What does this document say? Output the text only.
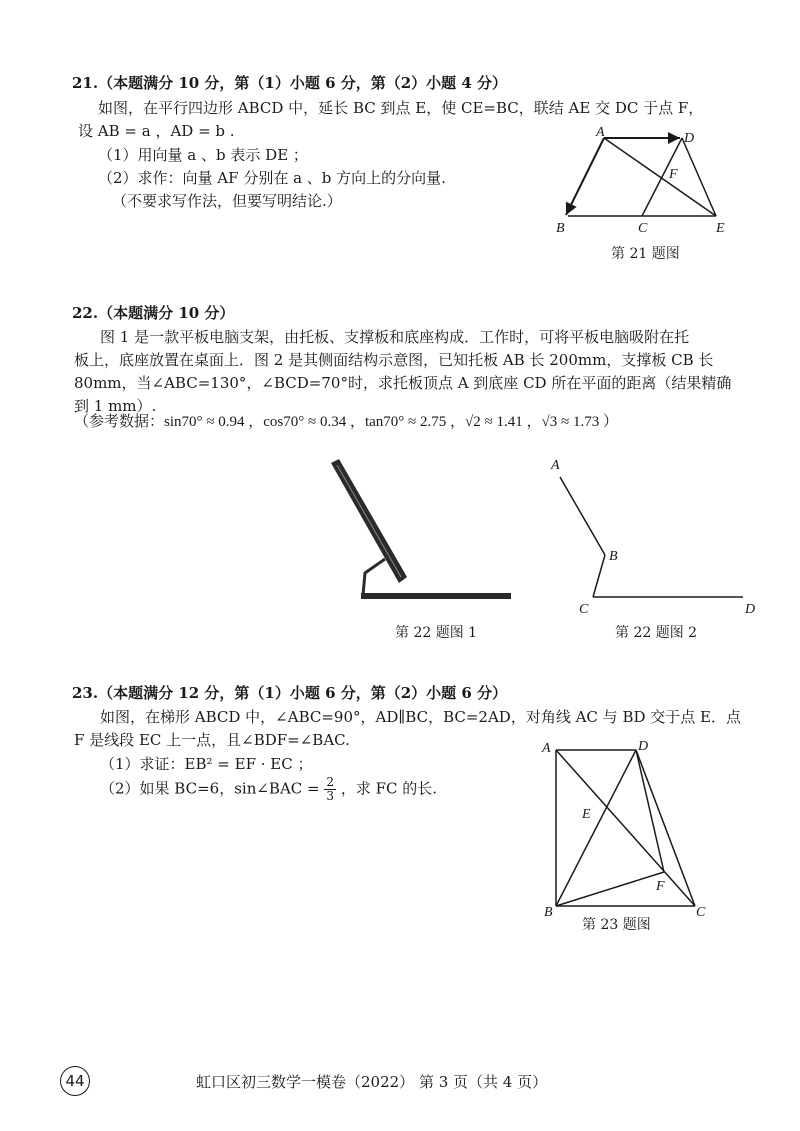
21.（本题满分 10 分，第（1）小题 6 分，第（2）小题 4 分）
如图，在平行四边形 ABCD 中，延长 BC 到点 E，使 CE=BC，联结 AE 交 DC 于点 F，
设 AB = a ，AD = b .
（1）用向量 a 、b 表示 DE ；
（2）求作：向量 AF 分别在 a 、b 方向上的分向量.
（不要求写作法，但要写明结论.）
A	D
F
B	C	E
第 21 题图
22.（本题满分 10 分）
图 1 是一款平板电脑支架，由托板、支撑板和底座构成．工作时，可将平板电脑吸附在托
板上，底座放置在桌面上．图 2 是其侧面结构示意图，已知托板 AB 长 200mm，支撑板 CB 长
80mm，当∠ABC=130°，∠BCD=70°时，求托板顶点 A 到底座 CD 所在平面的距离（结果精确
到 1 mm）.
（参考数据：sin70° ≈ 0.94 ，cos70° ≈ 0.34 ，tan70° ≈ 2.75 ，√2 ≈ 1.41 ，√3 ≈ 1.73 ）
第 22 题图 1
A
B
C	D
第 22 题图 2
23.（本题满分 12 分，第（1）小题 6 分，第（2）小题 6 分）
如图，在梯形 ABCD 中，∠ABC=90°，AD∥BC，BC=2AD，对角线 AC 与 BD 交于点 E．点
F 是线段 EC 上一点，且∠BDF=∠BAC.
（1）求证：EB² = EF · EC ；
（2）如果 BC=6，sin∠BAC = $\frac{2}{3}$ ，求 FC 的长.
A	D
E
F
B	C
第 23 题图
44	虹口区初三数学一模卷（2022） 第 3 页（共 4 页）
